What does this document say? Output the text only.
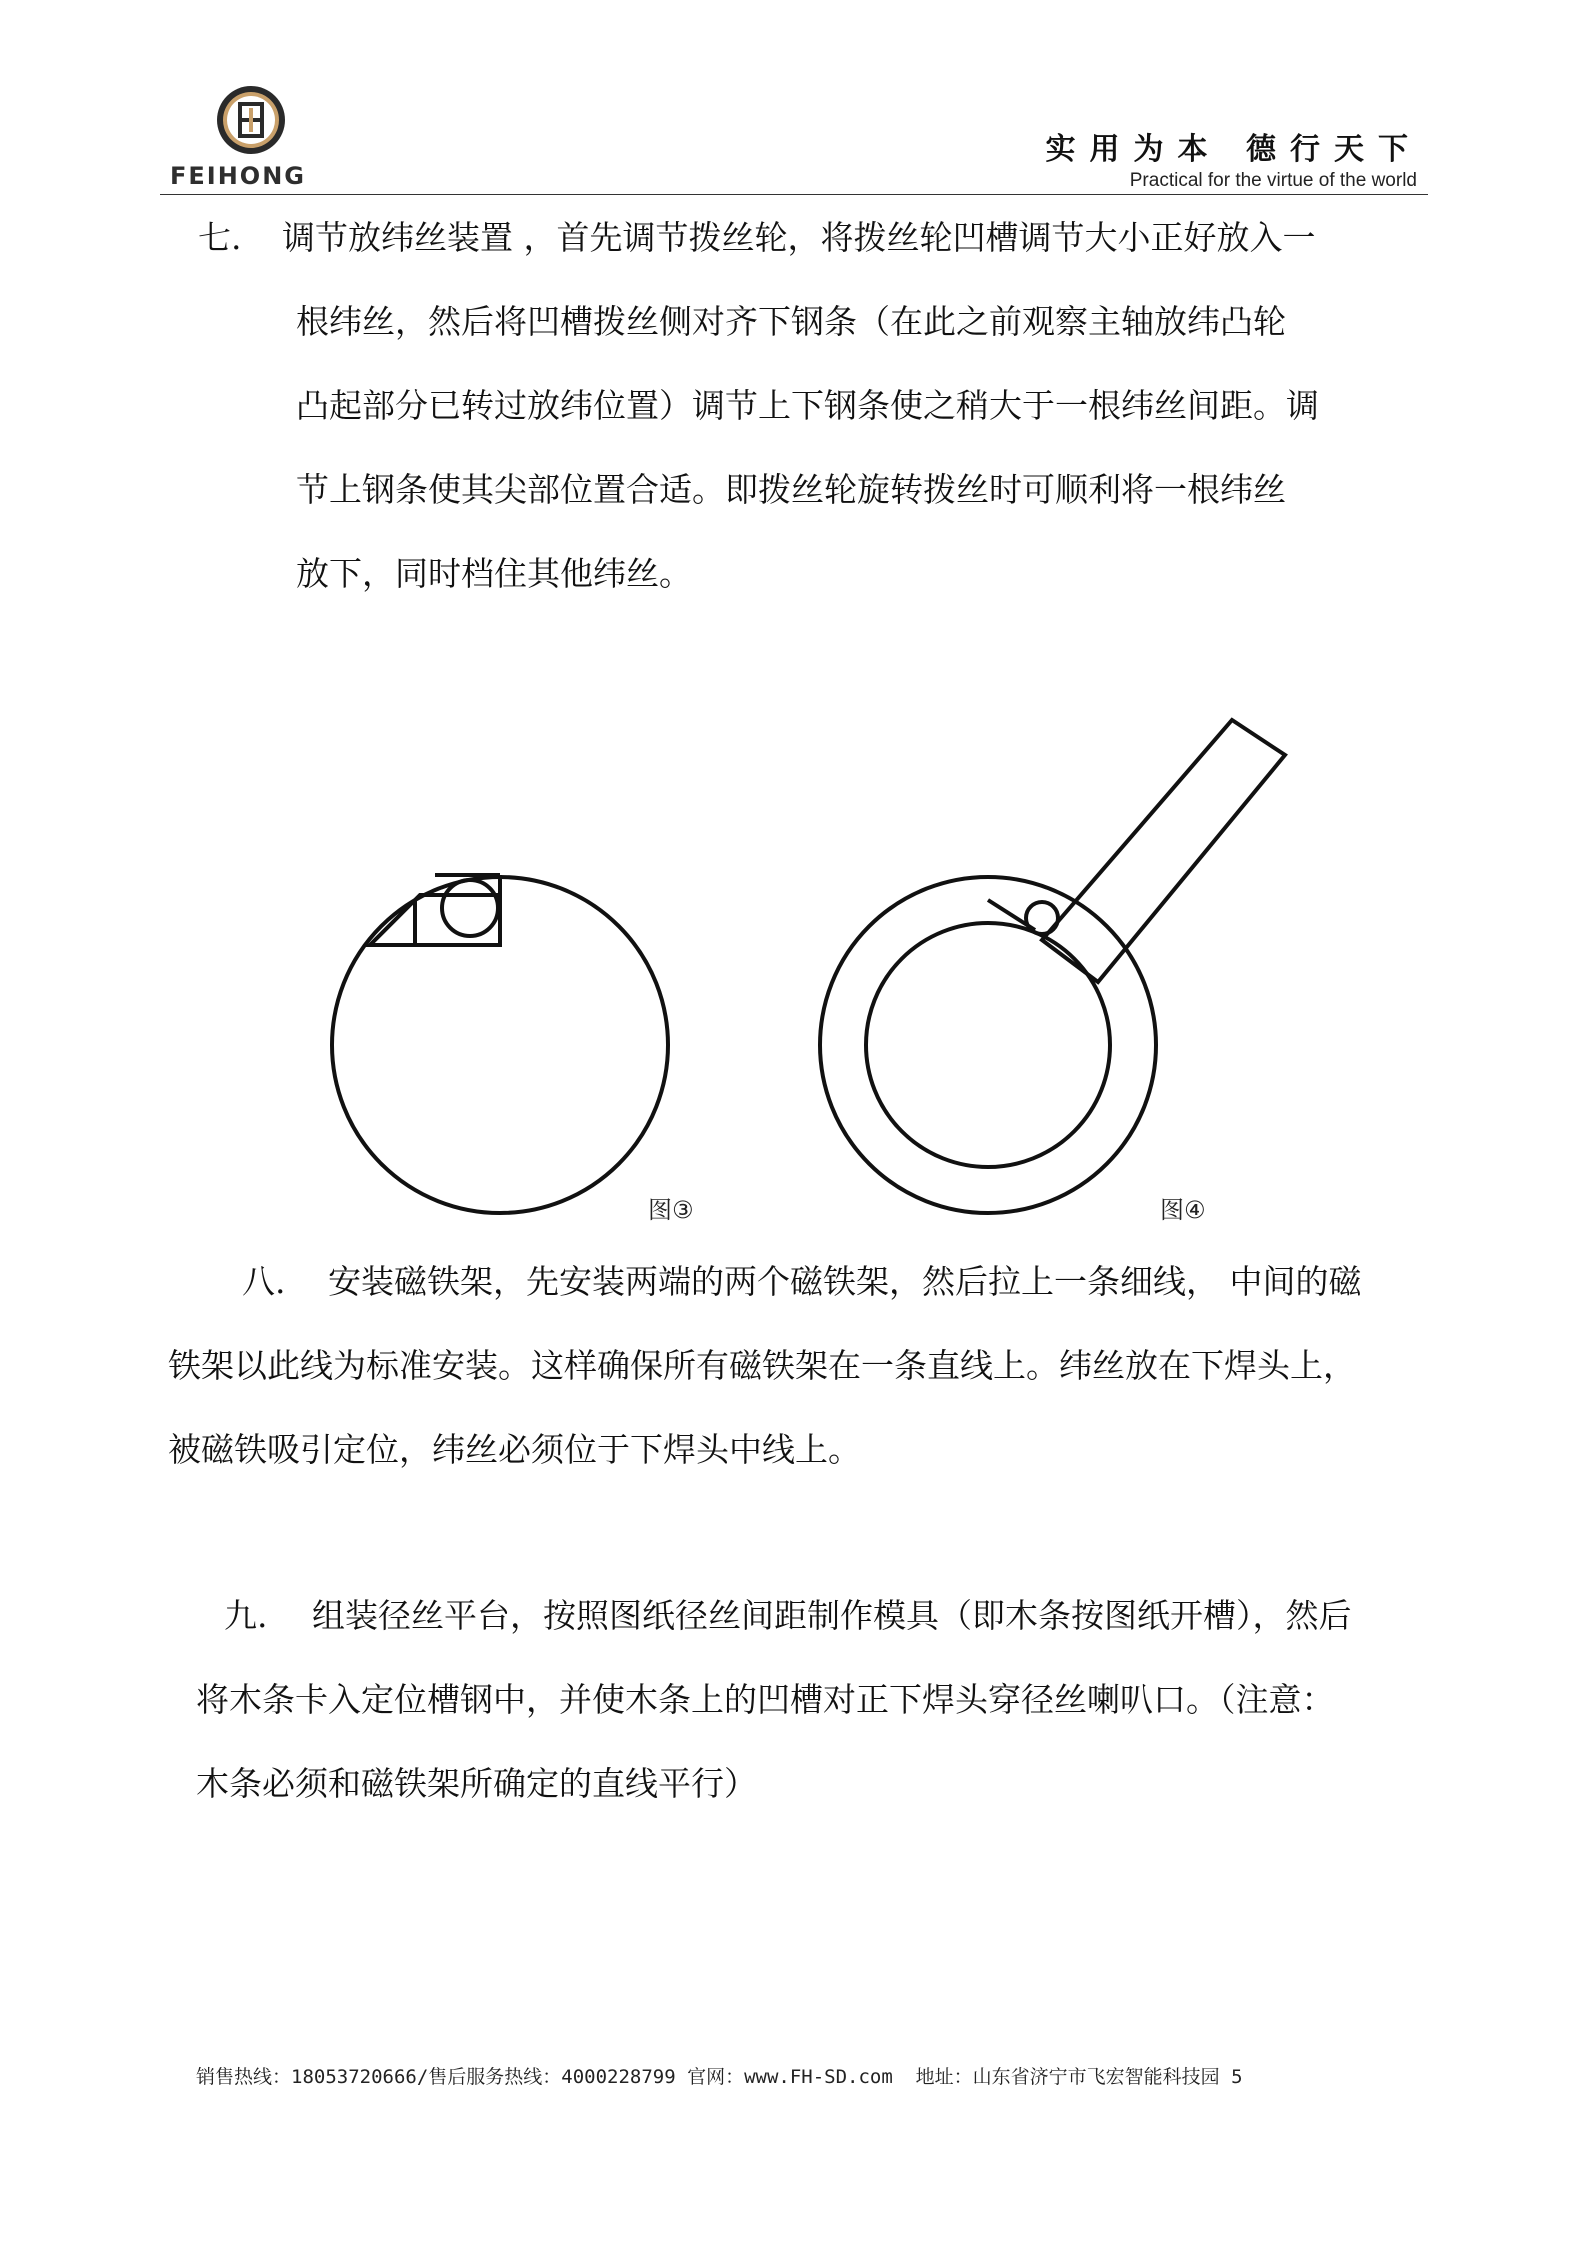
FEIHONG
实用为本 德行天下
Practical for the virtue of the world
七. 调节放纬丝装置 ，首先调节拨丝轮，将拨丝轮凹槽调节大小正好放入一
根纬丝，然后将凹槽拨丝侧对齐下钢条（在此之前观察主轴放纬凸轮
凸起部分已转过放纬位置）调节上下钢条使之稍大于一根纬丝间距。调
节上钢条使其尖部位置合适。即拨丝轮旋转拨丝时可顺利将一根纬丝
放下，同时档住其他纬丝。
图③	图④
八. 安装磁铁架，先安装两端的两个磁铁架，然后拉上一条细线， 中间的磁
铁架以此线为标准安装。这样确保所有磁铁架在一条直线上。纬丝放在下焊头上，
被磁铁吸引定位，纬丝必须位于下焊头中线上。
九. 组装径丝平台，按照图纸径丝间距制作模具（即木条按图纸开槽），然后
将木条卡入定位槽钢中，并使木条上的凹槽对正下焊头穿径丝喇叭口。（注意：
木条必须和磁铁架所确定的直线平行）
销售热线：18053720666/售后服务热线：4000228799 官网：www.FH-SD.com  地址：山东省济宁市飞宏智能科技园 5
